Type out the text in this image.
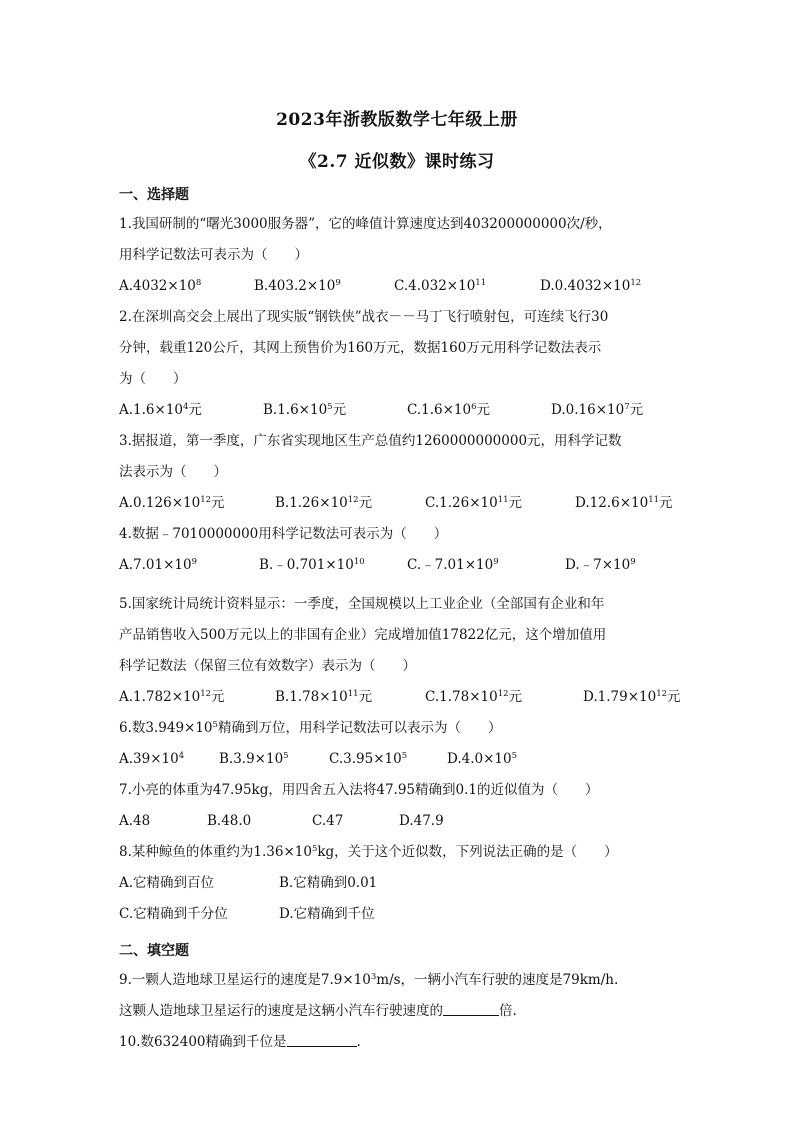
2023年浙教版数学七年级上册
《2.7 近似数》课时练习
一、选择题
1.我国研制的“曙光3000服务器”，它的峰值计算速度达到403200000000次/秒，
用科学记数法可表示为（　　）
$A.4032\times 10^8$	$B.403.2\times 10^9$	$C.4.032\times 10^{11}$	$D.0.4032\times 10^{12}$
2.在深圳高交会上展出了现实版“钢铁侠”战衣－－马丁飞行喷射包，可连续飞行30
分钟，载重120公斤，其网上预售价为160万元，数据160万元用科学记数法表示
为（　　）
$A.1.6\times 10^4$元	$B.1.6\times 10^5$元	$C.1.6\times 10^6$元	$D.0.16\times 10^7$元
3.据报道，第一季度，广东省实现地区生产总值约1260000000000元，用科学记数
法表示为（　　）
$A.0.126\times 10^{12}$元	$B.1.26\times 10^{12}$元	$C.1.26\times 10^{11}$元	$D.12.6\times 10^{11}$元
4.数据﹣7010000000用科学记数法可表示为（　　）
$A.7.01\times 10^9$	$B.﹣0.701\times 10^{10}$	$C.﹣7.01\times 10^9$	$D.﹣7\times 10^9$
5.国家统计局统计资料显示：一季度，全国规模以上工业企业（全部国有企业和年
产品销售收入500万元以上的非国有企业）完成增加值17822亿元，这个增加值用
科学记数法（保留三位有效数字）表示为（　　）
$A.1.782\times 10^{12}$元	$B.1.78\times 10^{11}$元	$C.1.78\times 10^{12}$元	$D.1.79\times 10^{12}$元
6.数$3.949\times 10^5$精确到万位，用科学记数法可以表示为（　　）
$A.39\times 10^4$	$B.3.9\times 10^5$	$C.3.95\times 10^5$	$D.4.0\times 10^5$
7.小亮的体重为47.95kg，用四舍五入法将47.95精确到0.1的近似值为（　　）
A.48	B.48.0	C.47	D.47.9
8.某种鲸鱼的体重约为$1.36\times 10^5kg$，关于这个近似数，下列说法正确的是（　　）
A.它精确到百位	B.它精确到0.01
C.它精确到千分位	D.它精确到千位
二、填空题
9.一颗人造地球卫星运行的速度是$7.9\times 10^3m/s$，一辆小汽车行驶的速度是79km/h.
这颗人造地球卫星运行的速度是这辆小汽车行驶速度的	倍.
10.数632400精确到千位是	.
